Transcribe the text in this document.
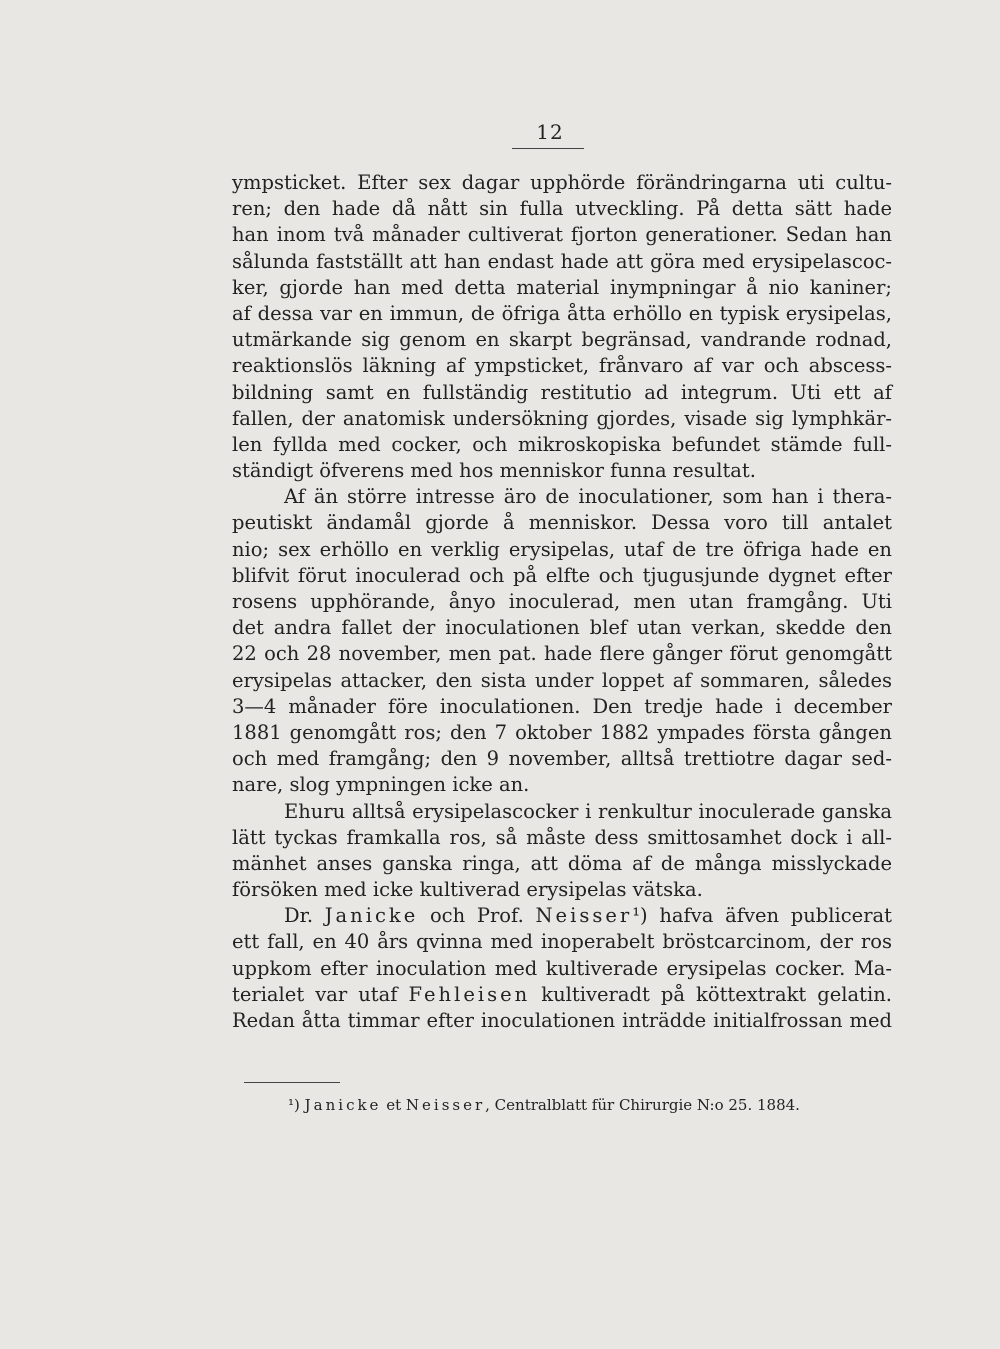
12
ympsticket. Efter sex dagar upphörde förändringarna uti cultu-
ren; den hade då nått sin fulla utveckling. På detta sätt hade
han inom två månader cultiverat fjorton generationer. Sedan han
sålunda fastställt att han endast hade att göra med erysipelascoc-
ker, gjorde han med detta material inympningar å nio kaniner;
af dessa var en immun, de öfriga åtta erhöllo en typisk erysipelas,
utmärkande sig genom en skarpt begränsad, vandrande rodnad,
reaktionslös läkning af ympsticket, frånvaro af var och abscess-
bildning samt en fullständig restitutio ad integrum. Uti ett af
fallen, der anatomisk undersökning gjordes, visade sig lymphkär-
len fyllda med cocker, och mikroskopiska befundet stämde full-
ständigt öfverens med hos menniskor funna resultat.
Af än större intresse äro de inoculationer, som han i thera-
peutiskt ändamål gjorde å menniskor. Dessa voro till antalet
nio; sex erhöllo en verklig erysipelas, utaf de tre öfriga hade en
blifvit förut inoculerad och på elfte och tjugusjunde dygnet efter
rosens upphörande, ånyo inoculerad, men utan framgång. Uti
det andra fallet der inoculationen blef utan verkan, skedde den
22 och 28 november, men pat. hade flere gånger förut genomgått
erysipelas attacker, den sista under loppet af sommaren, således
3—4 månader före inoculationen. Den tredje hade i december
1881 genomgått ros; den 7 oktober 1882 ympades första gången
och med framgång; den 9 november, alltså trettiotre dagar sed-
nare, slog ympningen icke an.
Ehuru alltså erysipelascocker i renkultur inoculerade ganska
lätt tyckas framkalla ros, så måste dess smittosamhet dock i all-
mänhet anses ganska ringa, att döma af de många misslyckade
försöken med icke kultiverad erysipelas vätska.
Dr. Janicke och Prof. Neisser¹) hafva äfven publicerat
ett fall, en 40 års qvinna med inoperabelt bröstcarcinom, der ros
uppkom efter inoculation med kultiverade erysipelas cocker. Ma-
terialet var utaf Fehleisen kultiveradt på köttextrakt gelatin.
Redan åtta timmar efter inoculationen inträdde initialfrossan med
¹) Janicke et Neisser, Centralblatt für Chirurgie N:o 25. 1884.
